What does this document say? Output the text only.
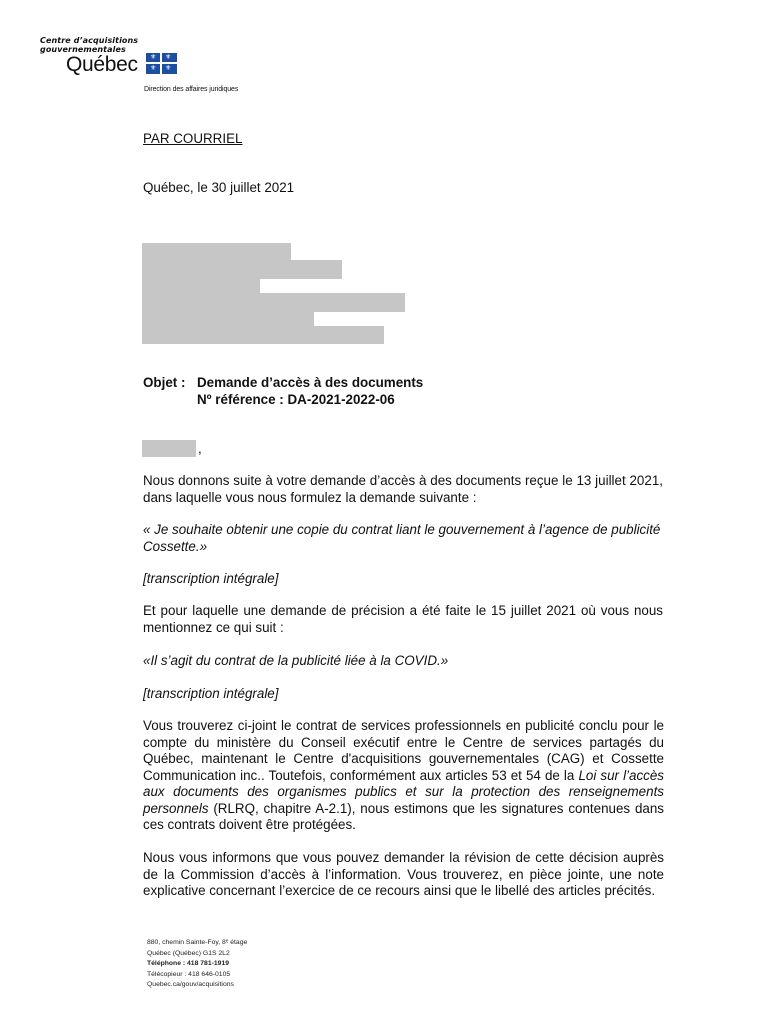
Centre d’acquisitions
gouvernementales
Québec ⚜ ⚜
⚜ ⚜
Direction des affaires juridiques
PAR COURRIEL
Québec, le 30 juillet 2021
Objet : Demande d’accès à des documents
Nº référence : DA-2021-2022-06
,
Nous donnons suite à votre demande d’accès à des documents reçue le 13 juillet 2021, dans laquelle vous nous formulez la demande suivante :
« Je souhaite obtenir une copie du contrat liant le gouvernement à l’agence de publicité Cossette.»
[transcription intégrale]
Et pour laquelle une demande de précision a été faite le 15 juillet 2021 où vous nous mentionnez ce qui suit :
«Il s’agit du contrat de la publicité liée à la COVID.»
[transcription intégrale]
Vous trouverez ci-joint le contrat de services professionnels en publicité conclu pour le compte du ministère du Conseil exécutif entre le Centre de services partagés du Québec, maintenant le Centre d'acquisitions gouvernementales (CAG) et Cossette Communication inc.. Toutefois, conformément aux articles 53 et 54 de la Loi sur l’accès aux documents des organismes publics et sur la protection des renseignements personnels (RLRQ, chapitre A-2.1), nous estimons que les signatures contenues dans ces contrats doivent être protégées.
Nous vous informons que vous pouvez demander la révision de cette décision auprès de la Commission d’accès à l’information. Vous trouverez, en pièce jointe, une note explicative concernant l’exercice de ce recours ainsi que le libellé des articles précités.
880, chemin Sainte-Foy, 8ᵉ étage
Québec (Québec) G1S 2L2
Téléphone : 418 781-1919
Télécopieur : 418 646-0105
Quebec.ca/gouv/acquisitions
